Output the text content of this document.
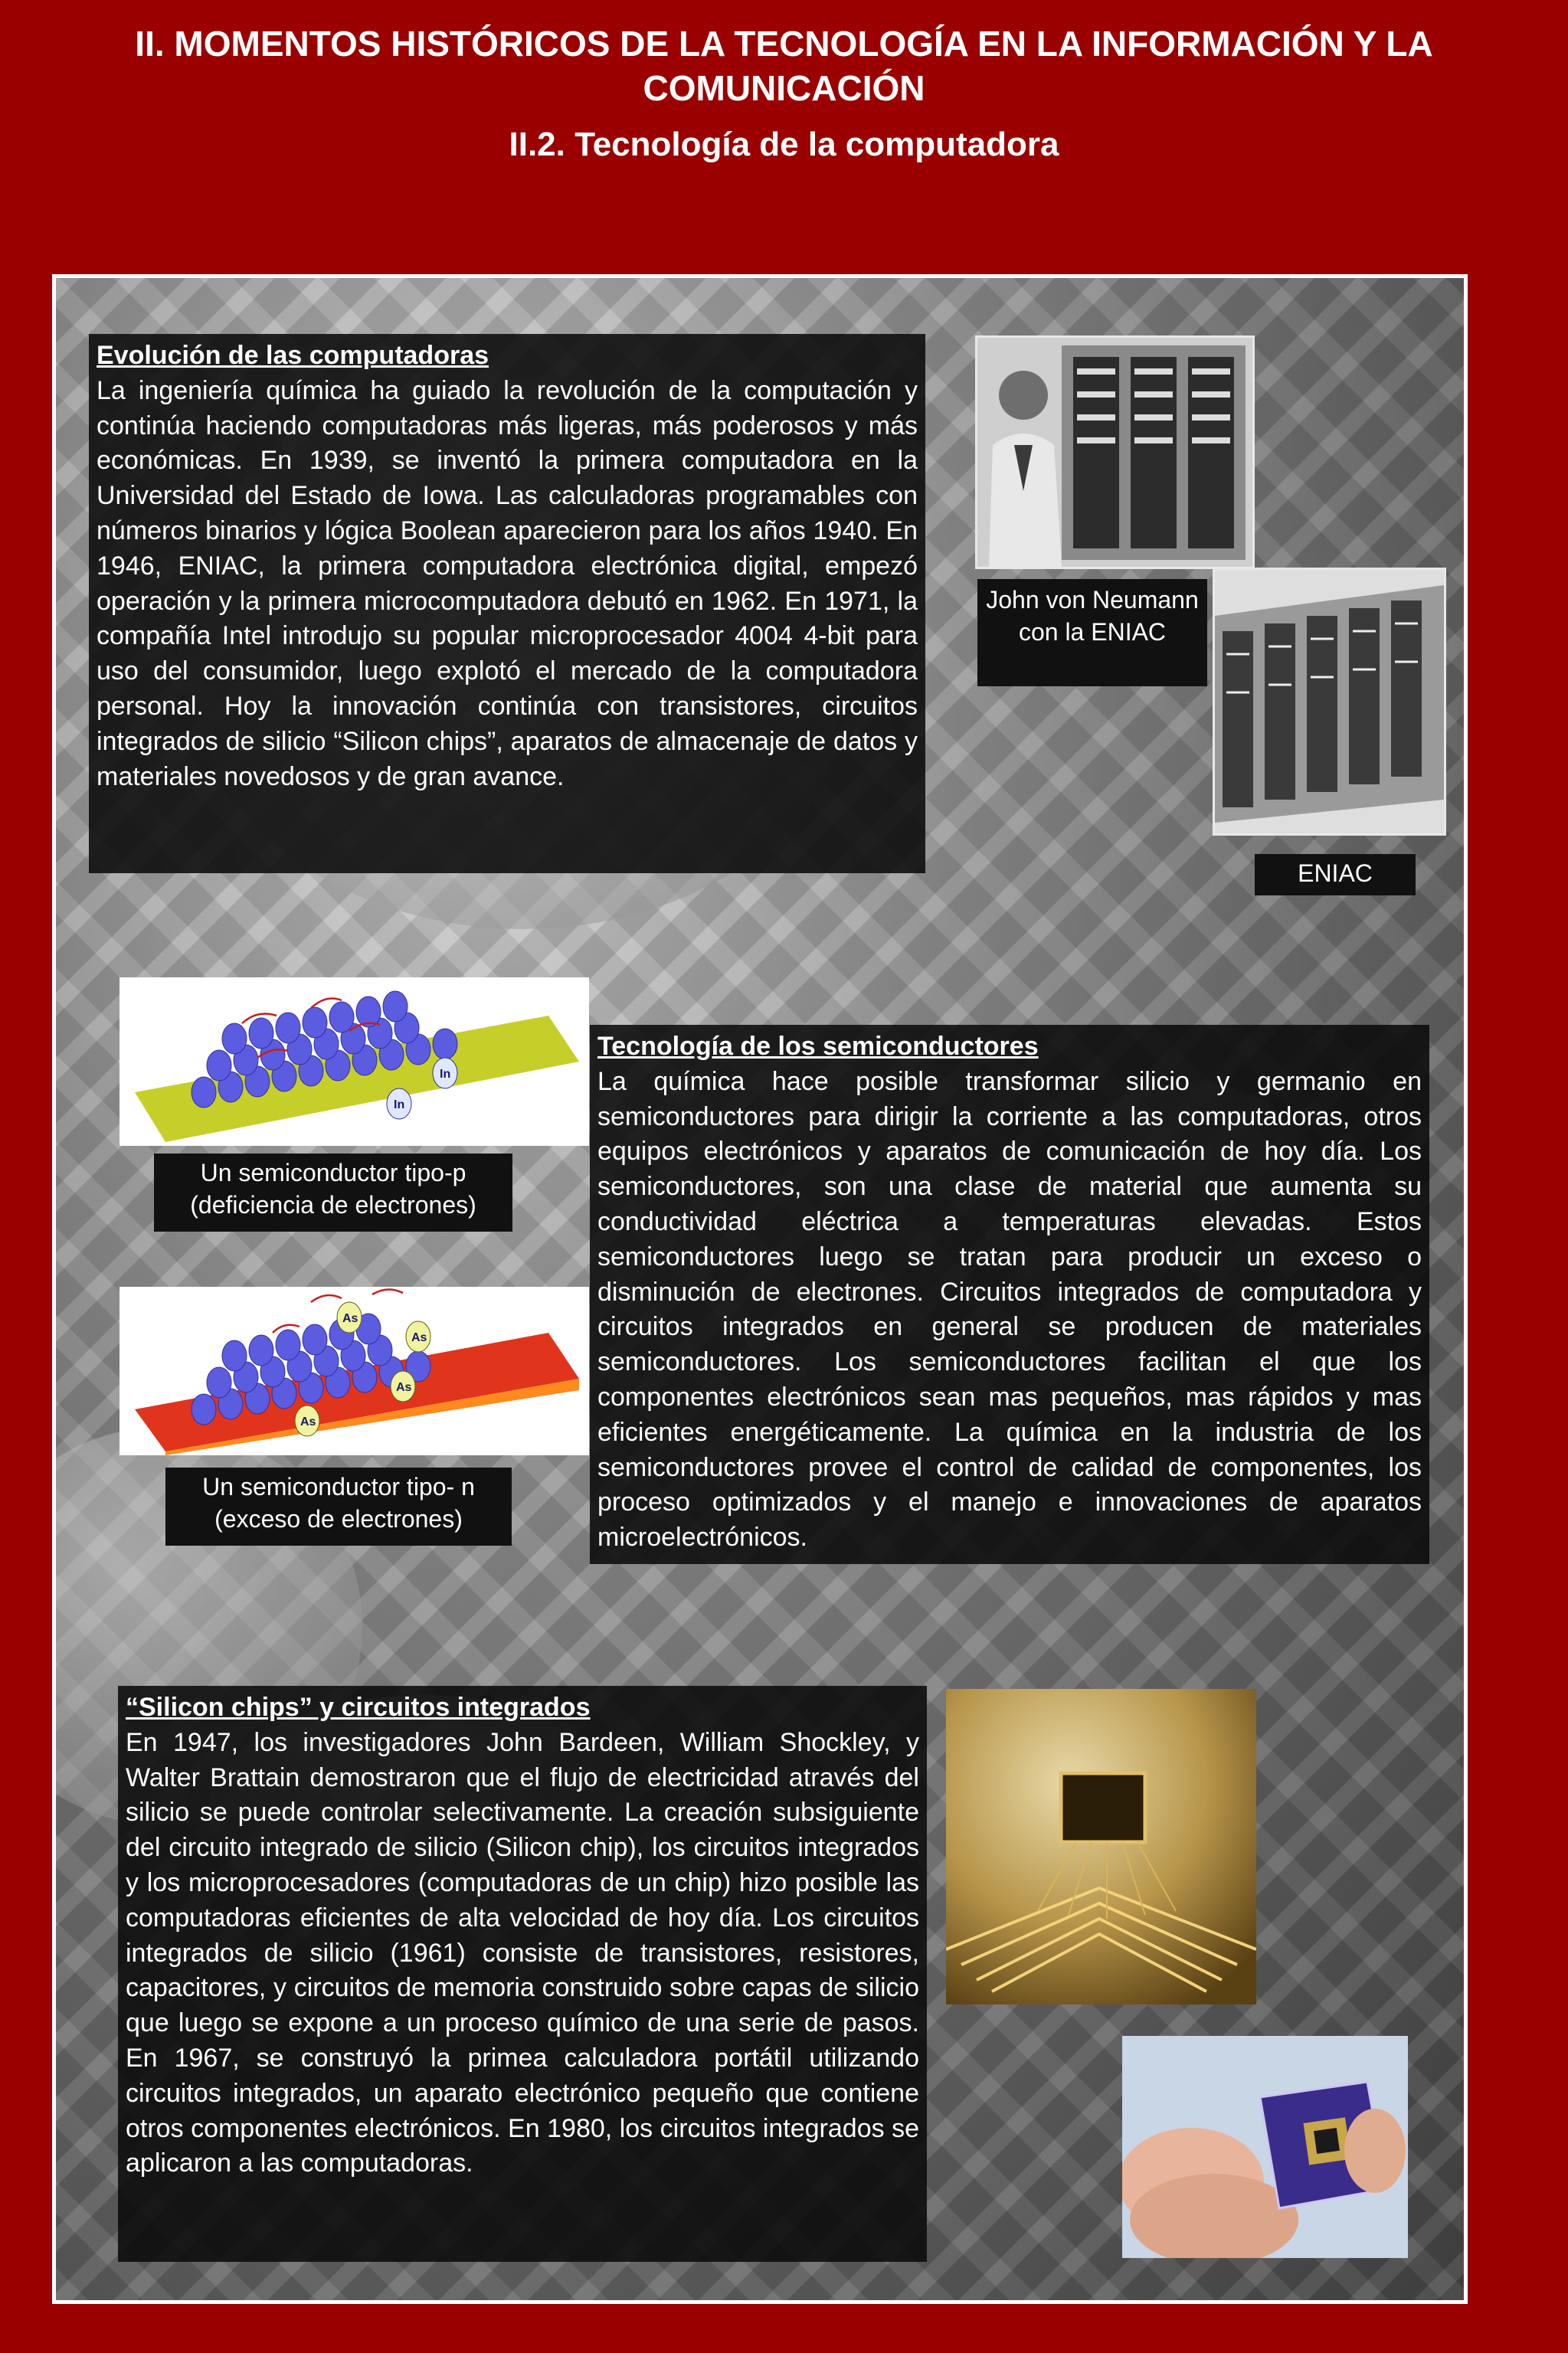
II. MOMENTOS HISTÓRICOS DE LA TECNOLOGÍA EN LA INFORMACIÓN Y LA COMUNICACIÓN
II.2. Tecnología de la computadora
Evolución de las computadoras

La ingeniería química ha guiado la revolución de la computación y continúa haciendo computadoras más ligeras, más poderosos y más económicas. En 1939, se inventó la primera computadora en la Universidad del Estado de Iowa. Las calculadoras programables con números binarios y lógica Boolean aparecieron para los años 1940. En 1946, ENIAC, la primera computadora electrónica digital, empezó operación y la primera microcomputadora debutó en 1962. En 1971, la compañía Intel introdujo su popular microprocesador 4004 4-bit para uso del consumidor, luego explotó el mercado de la computadora personal. Hoy la innovación continúa con transistores, circuitos integrados de silicio “Silicon chips”, aparatos de almacenaje de datos y materiales novedosos y de gran avance.

John von Neumann con la ENIAC
ENIAC
In
In
Un semiconductor tipo-p (deficiencia de electrones)
As
As
As
As
Un semiconductor tipo- n (exceso de electrones)
Tecnología de los semiconductores

La química hace posible transformar silicio y germanio en semiconductores para dirigir la corriente a las computadoras, otros equipos electrónicos y aparatos de comunicación de hoy día. Los semiconductores, son una clase de material que aumenta su conductividad eléctrica a temperaturas elevadas. Estos semiconductores luego se tratan para producir un exceso o disminución de electrones. Circuitos integrados de computadora y circuitos integrados en general se producen de materiales semiconductores. Los semiconductores facilitan el que los componentes electrónicos sean mas pequeños, mas rápidos y mas eficientes energéticamente. La química en la industria de los semiconductores provee el control de calidad de componentes, los proceso optimizados y el manejo e innovaciones de aparatos microelectrónicos.

“Silicon chips” y circuitos integrados

En 1947, los investigadores John Bardeen, William Shockley, y Walter Brattain demostraron que el flujo de electricidad através del silicio se puede controlar selectivamente. La creación subsiguiente del circuito integrado de silicio (Silicon chip), los circuitos integrados y los microprocesadores (computadoras de un chip) hizo posible las computadoras eficientes de alta velocidad de hoy día. Los circuitos integrados de silicio (1961) consiste de transistores, resistores, capacitores, y circuitos de memoria construido sobre capas de silicio que luego se expone a un proceso químico de una serie de pasos. En 1967, se construyó la primea calculadora portátil utilizando circuitos integrados, un aparato electrónico pequeño que contiene otros componentes electrónicos. En 1980, los circuitos integrados se aplicaron a las computadoras.
